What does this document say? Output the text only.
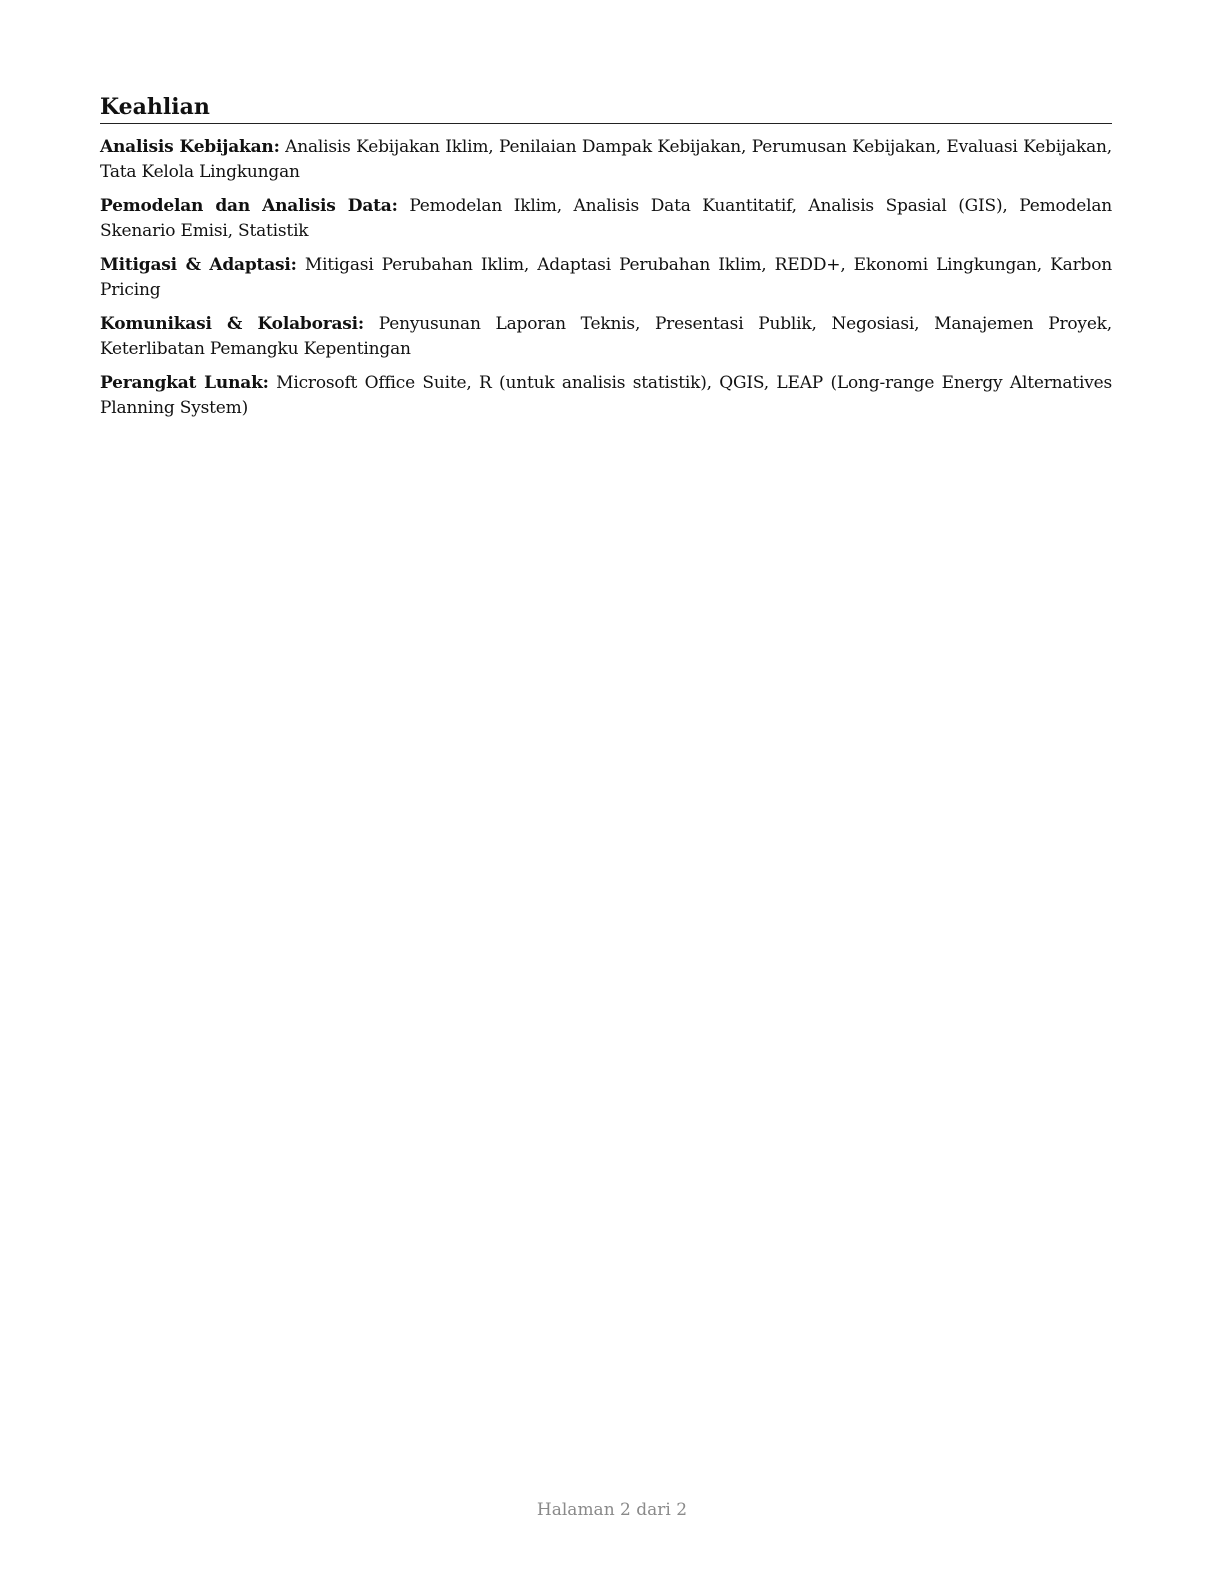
Keahlian

Analisis Kebijakan: Analisis Kebijakan Iklim, Penilaian Dampak Kebijakan, Perumusan Kebijakan, Evaluasi Kebijakan, Tata Kelola Lingkungan

Pemodelan dan Analisis Data: Pemodelan Iklim, Analisis Data Kuantitatif, Analisis Spasial (GIS), Pemodelan Skenario Emisi, Statistik

Mitigasi & Adaptasi: Mitigasi Perubahan Iklim, Adaptasi Perubahan Iklim, REDD+, Ekonomi Lingkungan, Karbon Pricing

Komunikasi & Kolaborasi: Penyusunan Laporan Teknis, Presentasi Publik, Negosiasi, Manajemen Proyek, Keterlibatan Pemangku Kepentingan

Perangkat Lunak: Microsoft Office Suite, R (untuk analisis statistik), QGIS, LEAP (Long-range Energy Alternatives Planning System)

Halaman 2 dari 2
